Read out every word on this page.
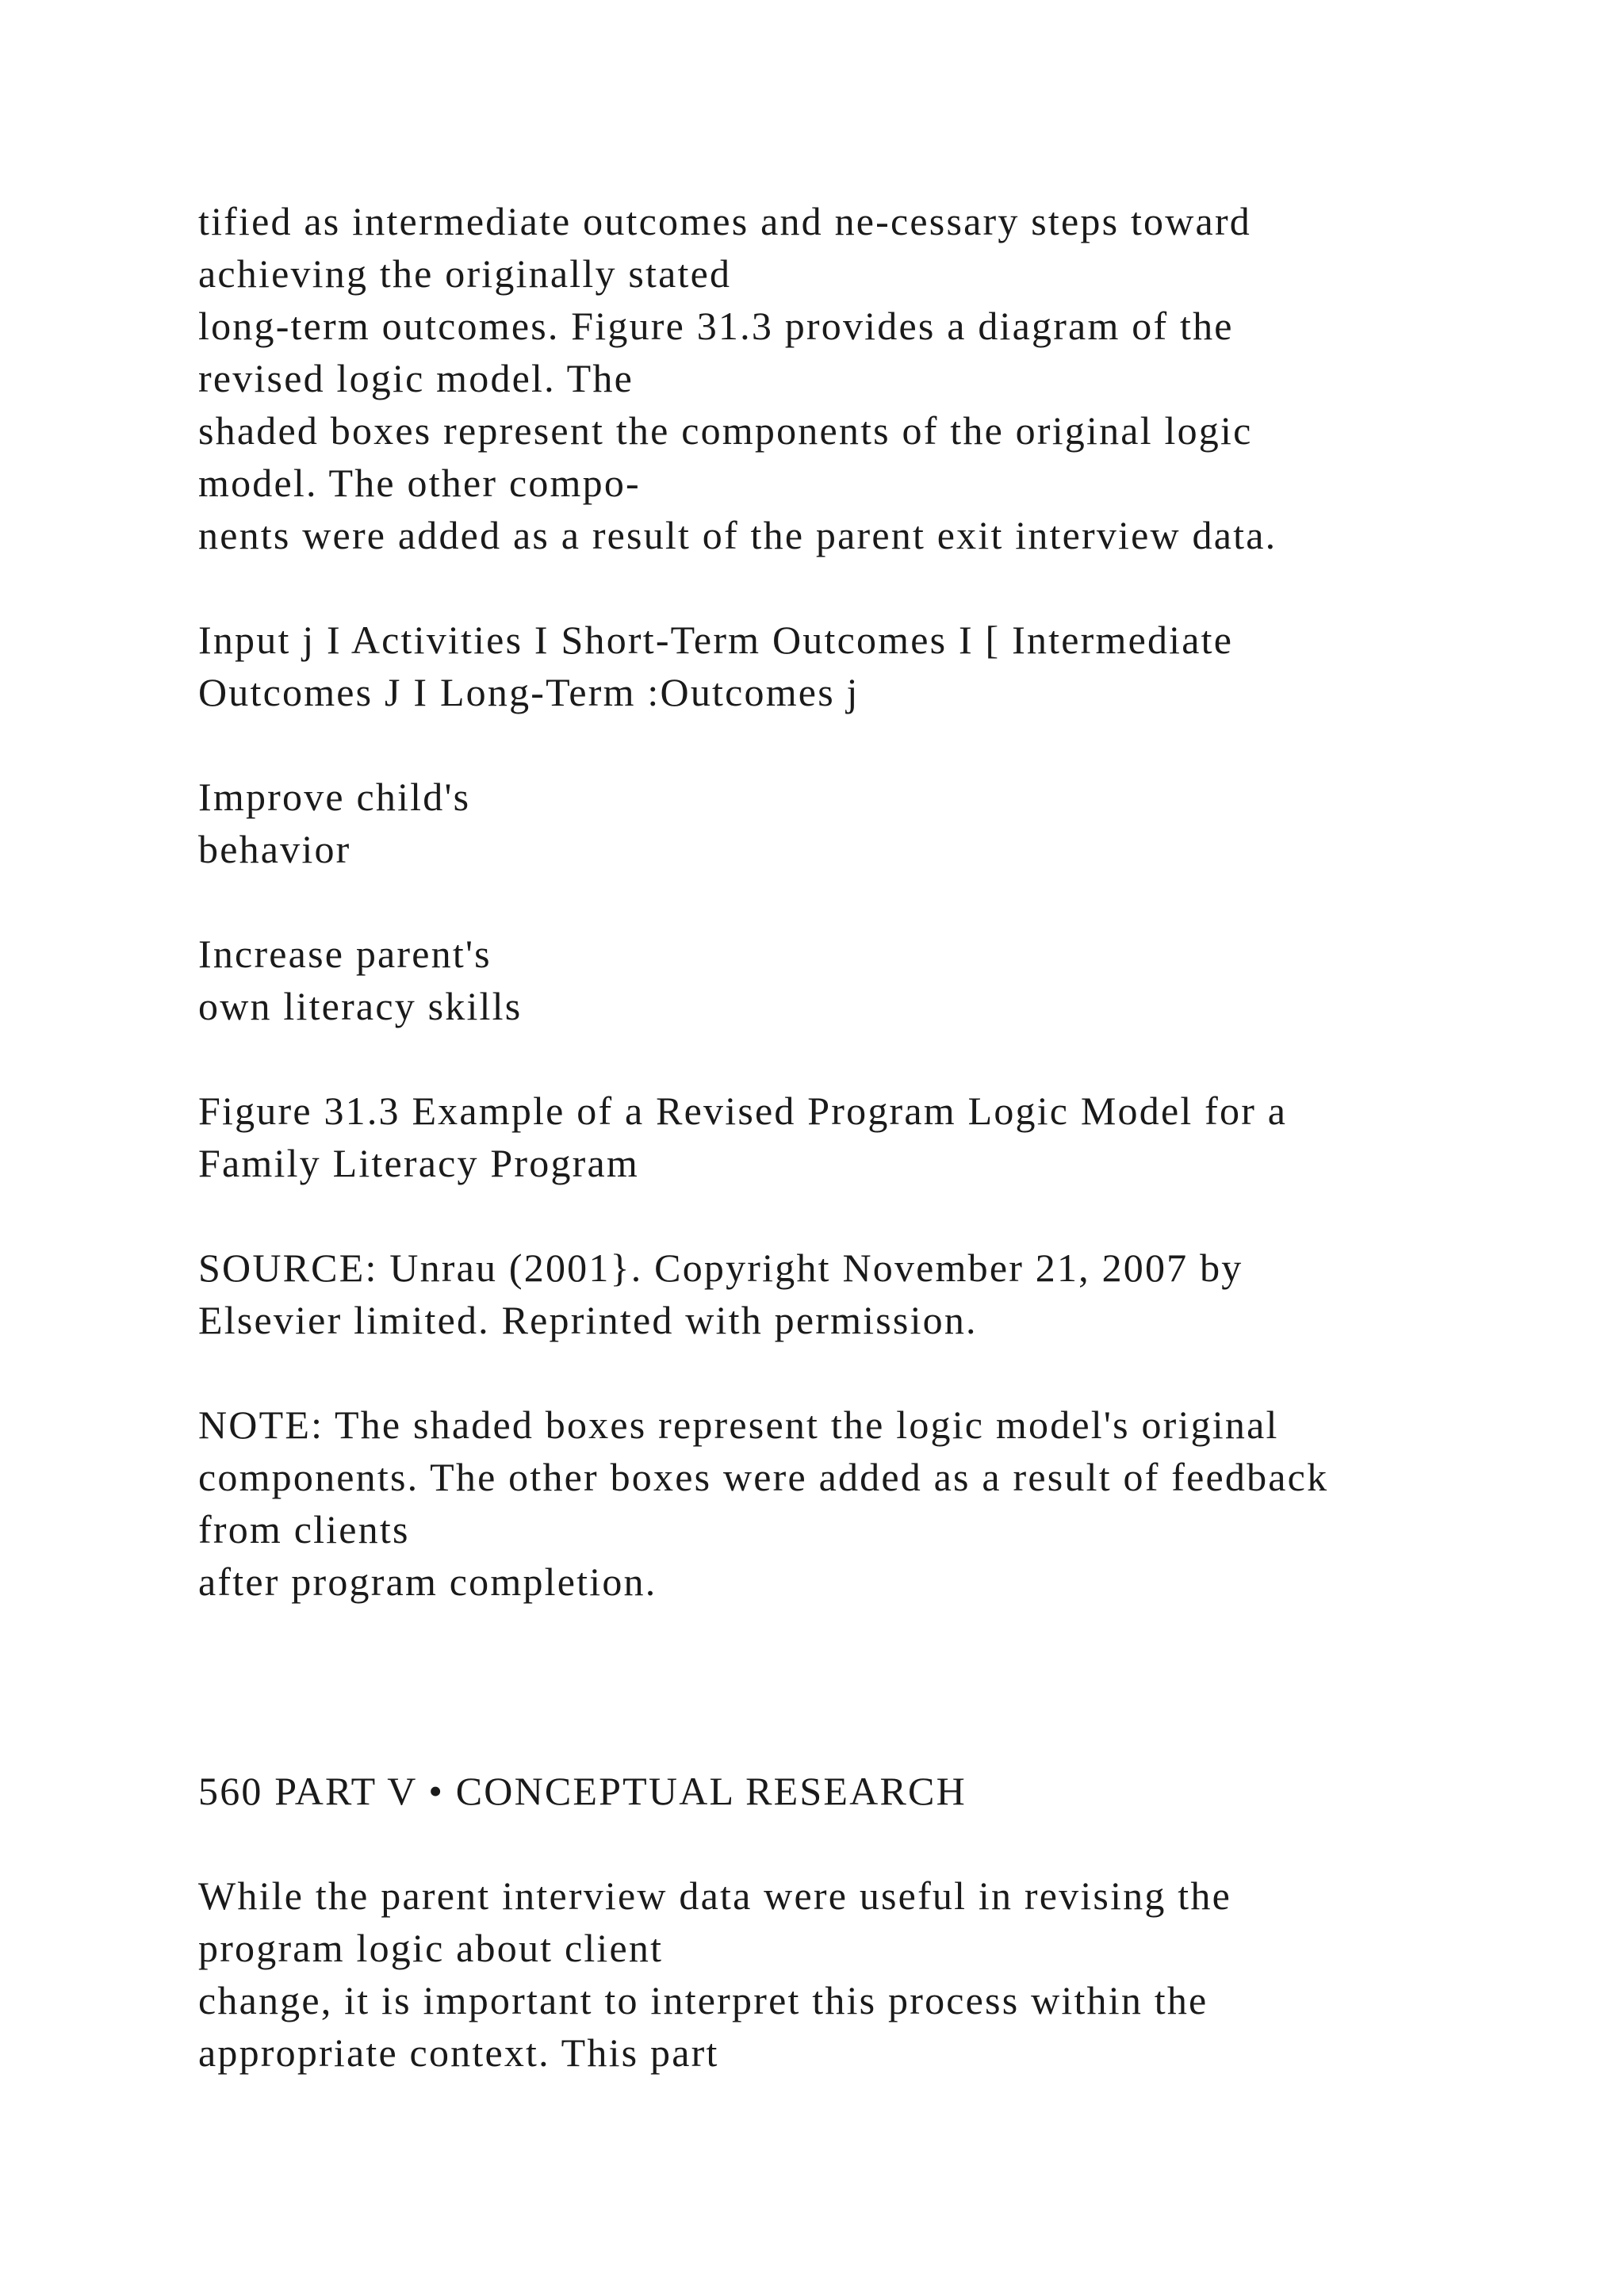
tified as intermediate outcomes and ne-cessary steps toward
achieving the originally stated
long-term outcomes. Figure 31.3 provides a diagram of the
revised logic model. The
shaded boxes represent the components of the original logic
model. The other compo-
nents were added as a result of the parent exit interview data.

Input j I Activities I Short-Term Outcomes I [ Intermediate
Outcomes J I Long-Term :Outcomes j

Improve child's
behavior

Increase parent's
own literacy skills

Figure 31.3 Example of a Revised Program Logic Model for a
Family Literacy Program

SOURCE: Unrau (2001}. Copyright November 21, 2007 by
Elsevier limited. Reprinted with permission.

NOTE: The shaded boxes represent the logic model's original
components. The other boxes were added as a result of feedback
from clients
after program completion.

560 PART V • CONCEPTUAL RESEARCH

While the parent interview data were useful in revising the
program logic about client
change, it is important to interpret this process within the
appropriate context. This part
